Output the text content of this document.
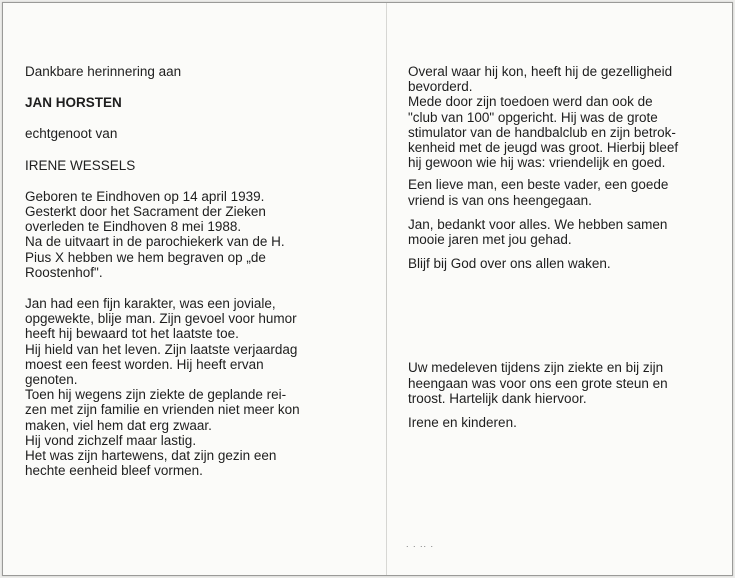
Dankbare herinnering aan

JAN HORSTEN

echtgenoot van

IRENE WESSELS

Geboren te Eindhoven op 14 april 1939.

Gesterkt door het Sacrament der Zieken

overleden te Eindhoven 8 mei 1988.

Na de uitvaart in de parochiekerk van de H.

Pius X hebben we hem begraven op „de

Roostenhof".

Jan had een fijn karakter, was een joviale,

opgewekte, blije man. Zijn gevoel voor humor

heeft hij bewaard tot het laatste toe.

Hij hield van het leven. Zijn laatste verjaardag

moest een feest worden. Hij heeft ervan

genoten.

Toen hij wegens zijn ziekte de geplande rei-

zen met zijn familie en vrienden niet meer kon

maken, viel hem dat erg zwaar.

Hij vond zichzelf maar lastig.

Het was zijn hartewens, dat zijn gezin een

hechte eenheid bleef vormen.

Overal waar hij kon, heeft hij de gezelligheid

bevorderd.

Mede door zijn toedoen werd dan ook de

"club van 100" opgericht. Hij was de grote

stimulator van de handbalclub en zijn betrok-

kenheid met de jeugd was groot. Hierbij bleef

hij gewoon wie hij was: vriendelijk en goed.

Een lieve man, een beste vader, een goede

vriend is van ons heengegaan.

Jan, bedankt voor alles. We hebben samen

mooie jaren met jou gehad.

Blijf bij God over ons allen waken.

Uw medeleven tijdens zijn ziekte en bij zijn

heengaan was voor ons een grote steun en

troost. Hartelijk dank hiervoor.

Irene en kinderen.

. . .. .
